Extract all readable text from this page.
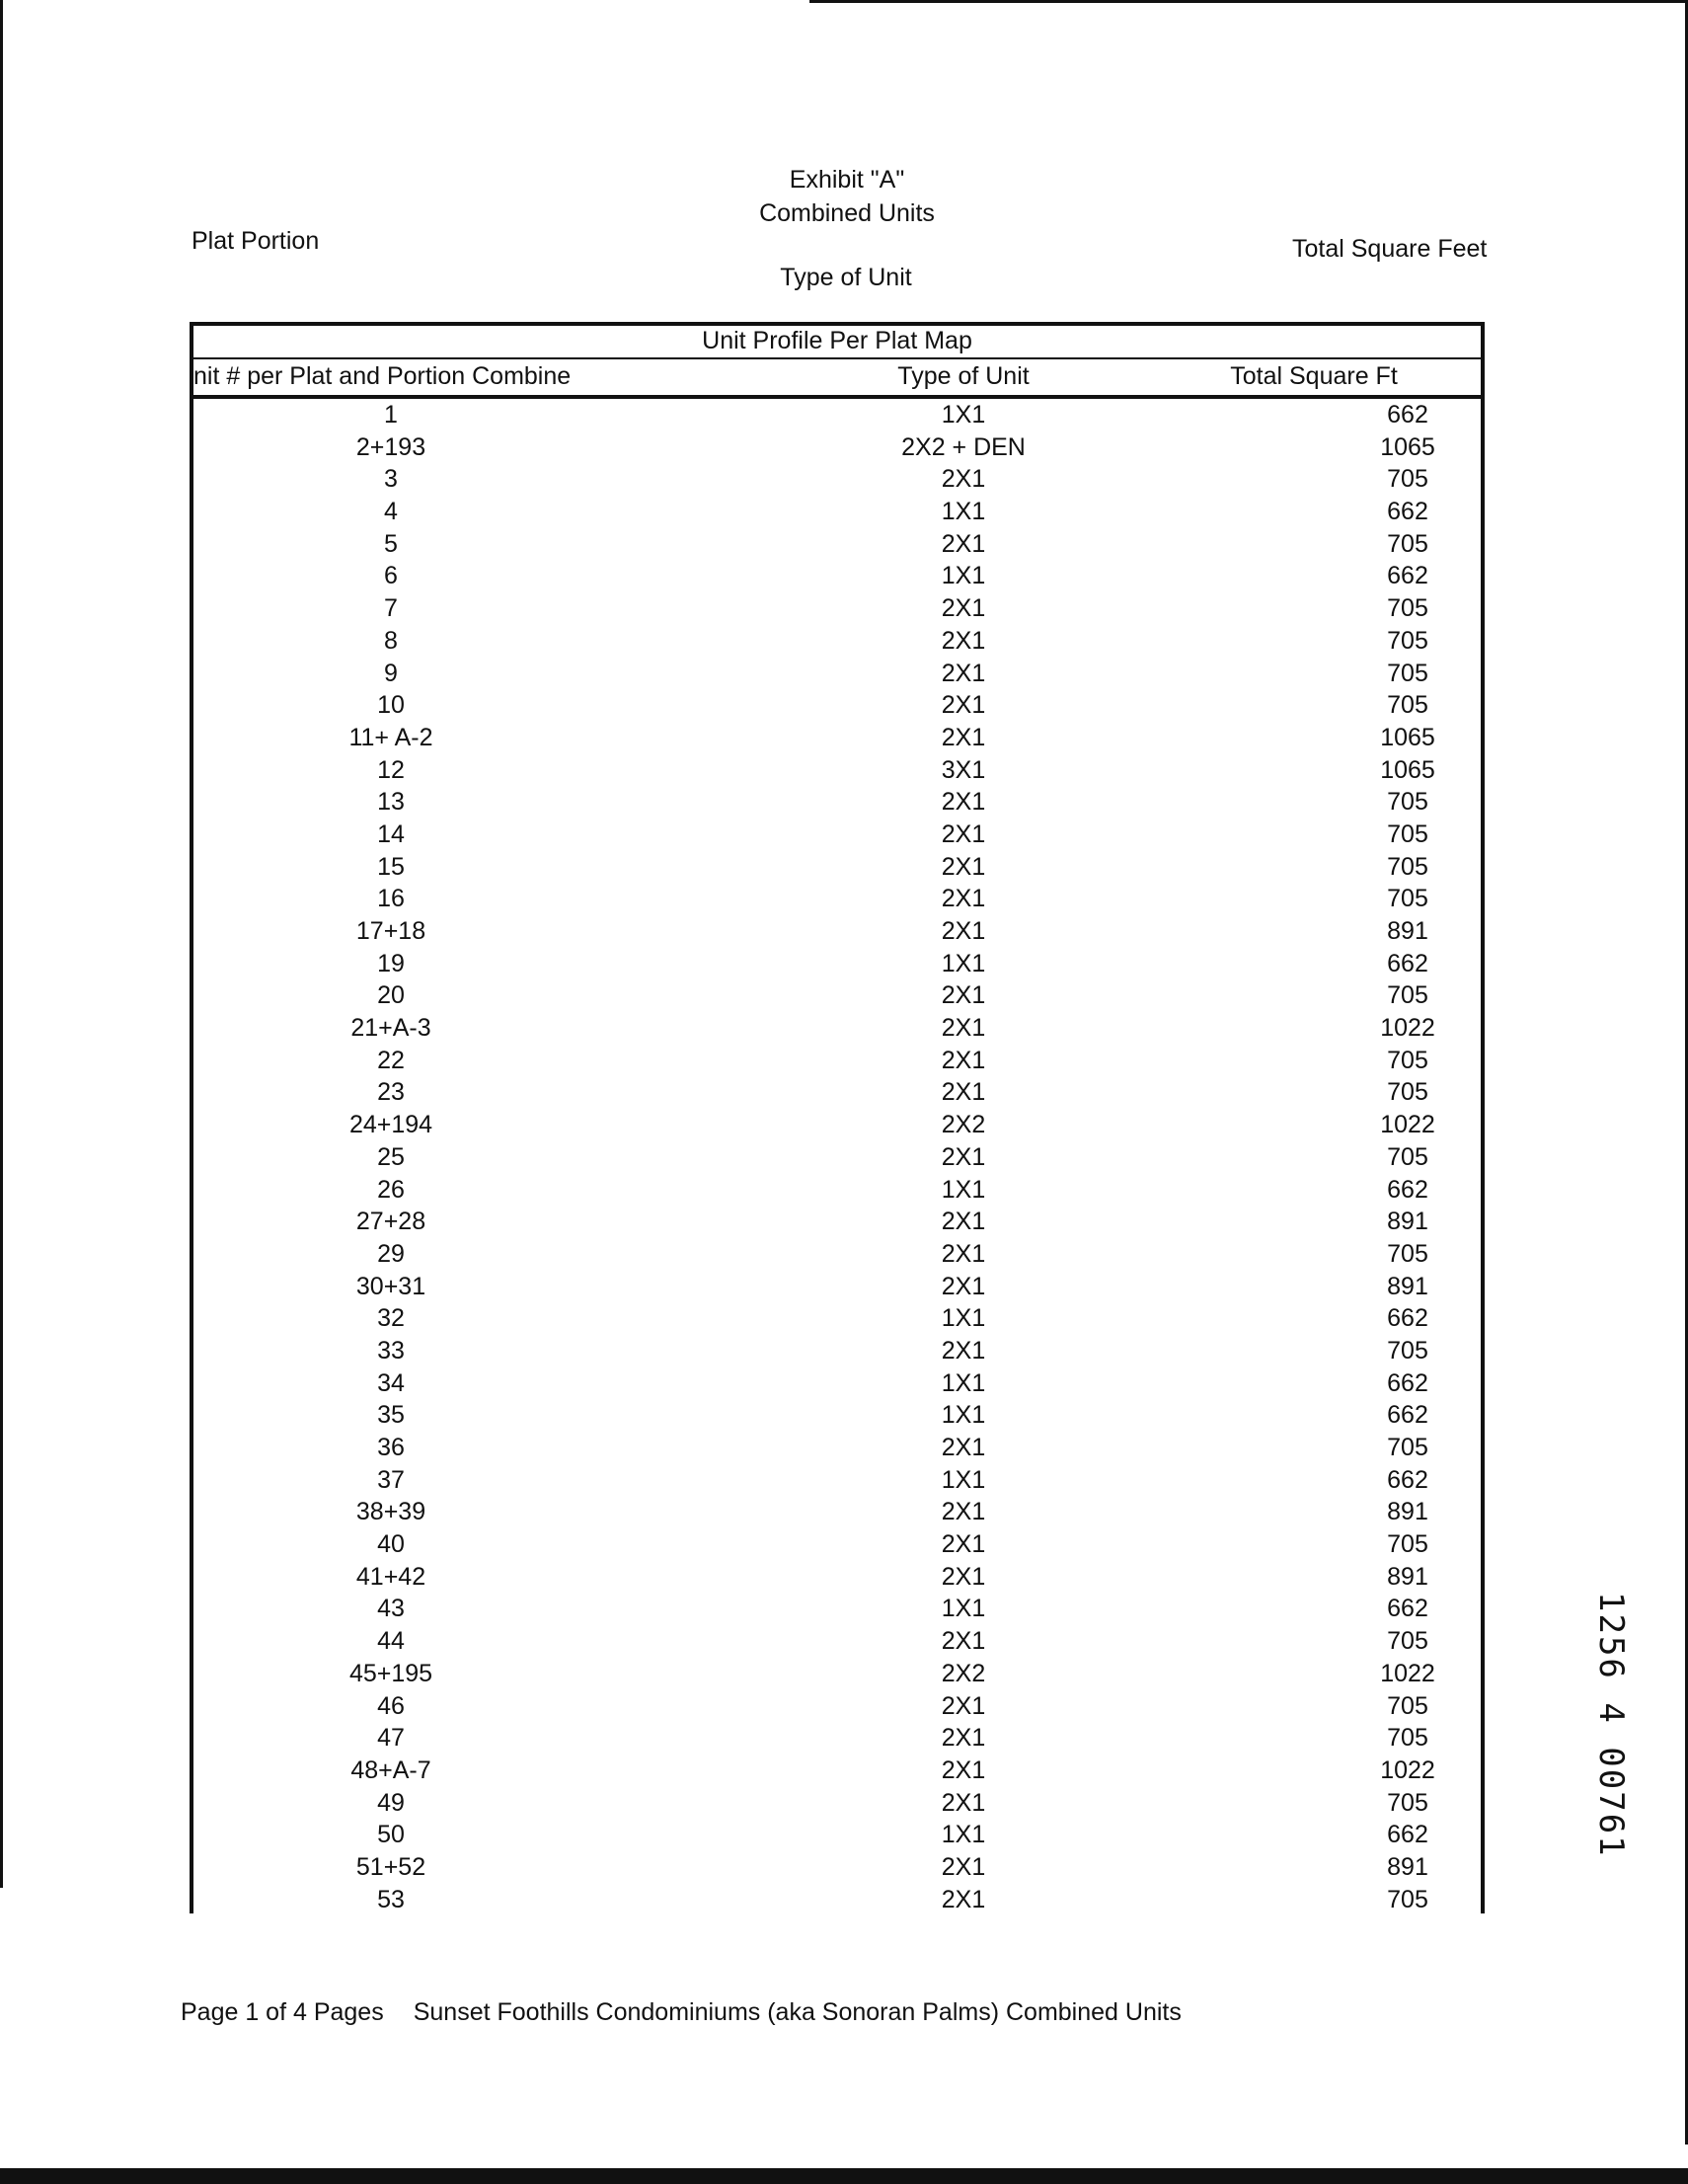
Exhibit "A"
Combined Units
Plat Portion	Total Square Feet
Type of Unit
Unit Profile Per Plat Map
nit # per Plat and Portion Combine	Type of Unit	Total Square Ft
1	1X1	662
2+193	2X2 + DEN	1065
3	2X1	705
4	1X1	662
5	2X1	705
6	1X1	662
7	2X1	705
8	2X1	705
9	2X1	705
10	2X1	705
11+ A-2	2X1	1065
12	3X1	1065
13	2X1	705
14	2X1	705
15	2X1	705
16	2X1	705
17+18	2X1	891
19	1X1	662
20	2X1	705
21+A-3	2X1	1022
22	2X1	705
23	2X1	705
24+194	2X2	1022
25	2X1	705
26	1X1	662
27+28	2X1	891
29	2X1	705
30+31	2X1	891
32	1X1	662
33	2X1	705
34	1X1	662
35	1X1	662
36	2X1	705
37	1X1	662
38+39	2X1	891
40	2X1	705
41+42	2X1	891
43	1X1	662
44	2X1	705
45+195	2X2	1022
46	2X1	705
47	2X1	705
48+A-7	2X1	1022
49	2X1	705
50	1X1	662
51+52	2X1	891
53	2X1	705
Page 1 of 4 Pages Sunset Foothills Condominiums (aka Sonoran Palms) Combined Units
1256 4 00761
